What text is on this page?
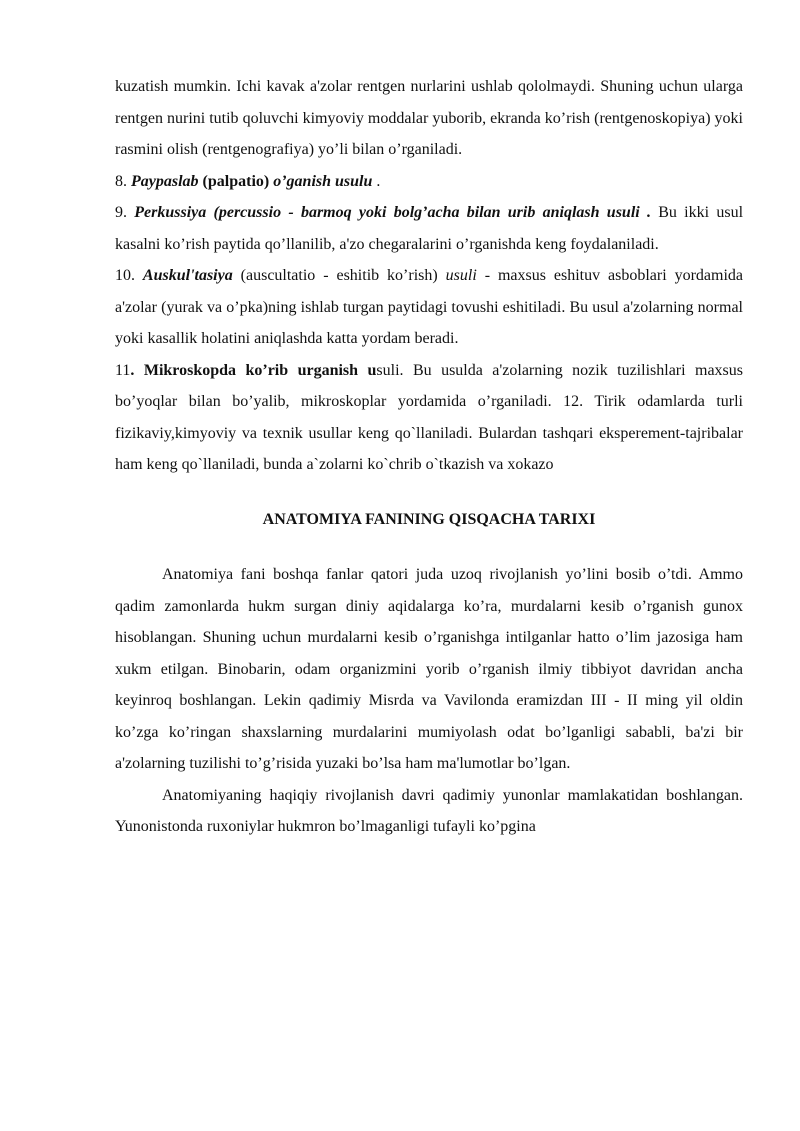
kuzatish mumkin. Ichi kavak a'zolar rentgen nurlarini ushlab qololmaydi. Shuning uchun ularga rentgen nurini tutib qoluvchi kimyoviy moddalar yuborib, ekranda ko’rish (rentgenoskopiya) yoki rasmini olish (rentgenografiya) yo’li bilan o’rganiladi.

8. Paypaslab (palpatio) o’ganish usulu .

9. Perkussiya (percussio - barmoq yoki bolg’acha bilan urib aniqlash usuli . Bu ikki usul kasalni ko’rish paytida qo’llanilib, a'zo chegaralarini o’rganishda keng foydalaniladi.

10. Auskul'tasiya (auscultatio - eshitib ko’rish) usuli - maxsus eshituv asboblari yordamida a'zolar (yurak va o’pka)ning ishlab turgan paytidagi tovushi eshitiladi. Bu usul a'zolarning normal yoki kasallik holatini aniqlashda katta yordam beradi.

11. Mikroskopda ko’rib urganish usuli. Bu usulda a'zolarning nozik tuzilishlari maxsus bo’yoqlar bilan bo’yalib, mikroskoplar yordamida o’rganiladi. 12. Tirik odamlarda turli fizikaviy,kimyoviy va texnik usullar keng qo`llaniladi. Bulardan tashqari eksperement-tajribalar ham keng qo`llaniladi, bunda a`zolarni ko`chrib o`tkazish va xokazo

ANATOMIYA FANINING QISQACHA TARIXI

Anatomiya fani boshqa fanlar qatori juda uzoq rivojlanish yo’lini bosib o’tdi. Ammo qadim zamonlarda hukm surgan diniy aqidalarga ko’ra, murdalarni kesib o’rganish gunox hisoblangan. Shuning uchun murdalarni kesib o’rganishga intilganlar hatto o’lim jazosiga ham xukm etilgan. Binobarin, odam organizmini yorib o’rganish ilmiy tibbiyot davridan ancha keyinroq boshlangan. Lekin qadimiy Misrda va Vavilonda eramizdan III - II ming yil oldin ko’zga ko’ringan shaxslarning murdalarini mumiyolash odat bo’lganligi sababli, ba'zi bir a'zolarning tuzilishi to’g’risida yuzaki bo’lsa ham ma'lumotlar bo’lgan.

Anatomiyaning haqiqiy rivojlanish davri qadimiy yunonlar mamlakatidan boshlangan. Yunonistonda ruxoniylar hukmron bo’lmaganligi tufayli ko’pgina
